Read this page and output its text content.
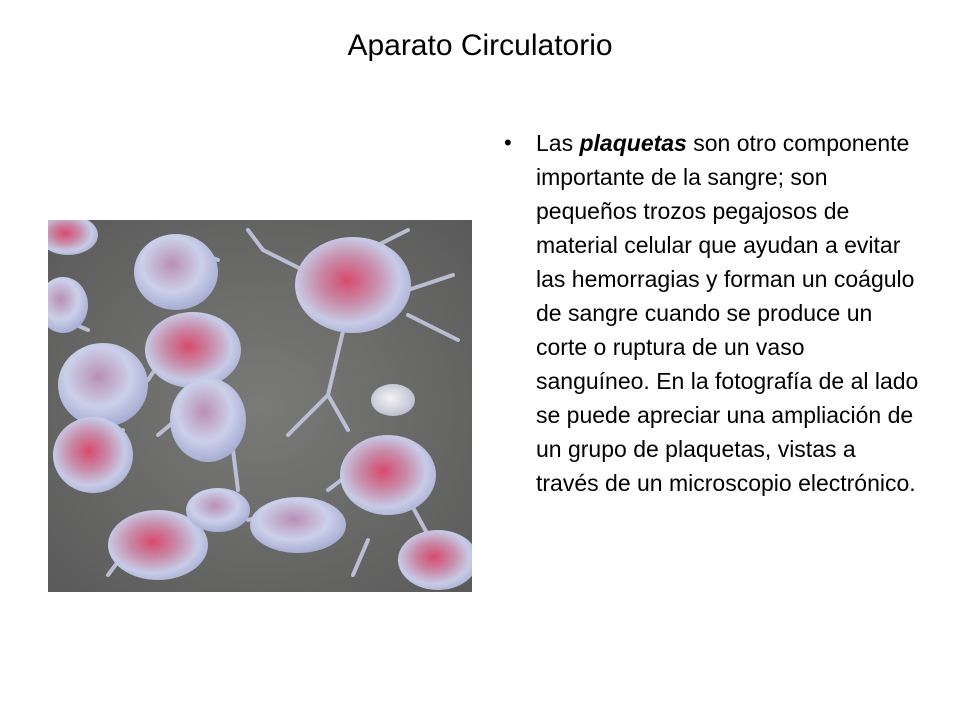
Aparato Circulatorio
• Las plaquetas son otro componente importante de la sangre; son pequeños trozos pegajosos de material celular que ayudan a evitar las hemorragias y forman un coágulo de sangre cuando se produce un corte o ruptura de un vaso sanguíneo. En la fotografía de al lado se puede apreciar una ampliación de un grupo de plaquetas, vistas a través de un microscopio electrónico.
